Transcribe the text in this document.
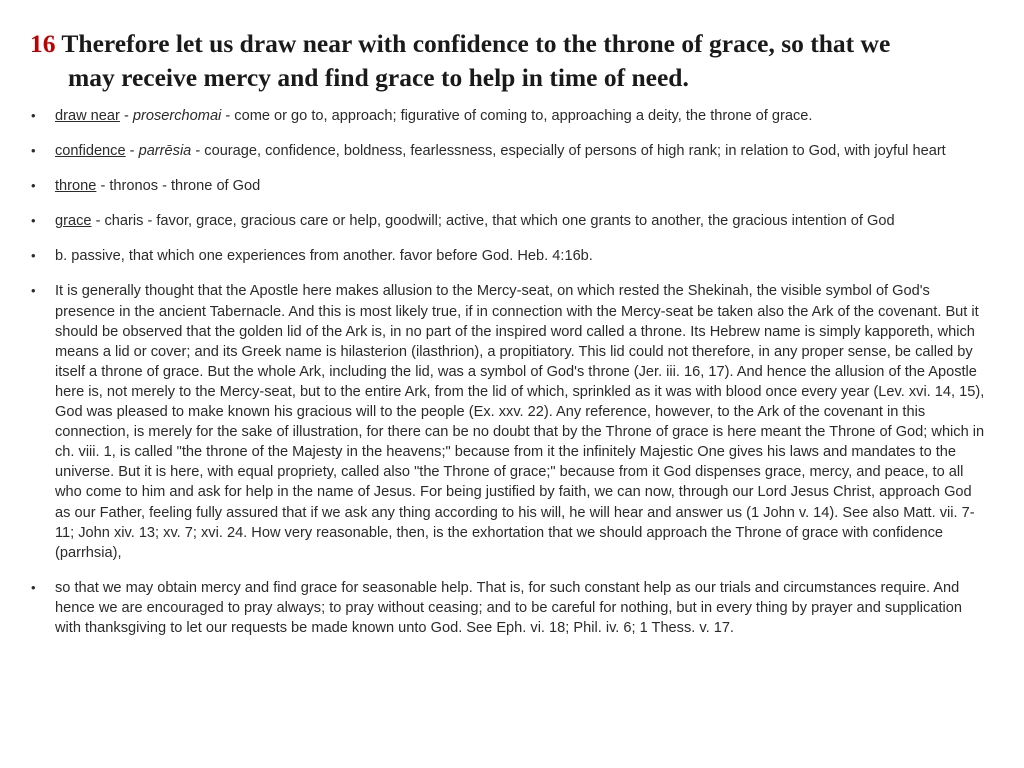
16 Therefore let us draw near with confidence to the throne of grace, so that we
may receive mercy and find grace to help in time of need.
• draw near - proserchomai - come or go to, approach; figurative of coming to, approaching a deity, the throne of grace.
• confidence - parrēsia - courage, confidence, boldness, fearlessness, especially of persons of high rank; in relation to God, with joyful heart
• throne - thronos - throne of God
• grace - charis - favor, grace, gracious care or help, goodwill; active, that which one grants to another, the gracious intention of God
• b. passive, that which one experiences from another. favor before God. Heb. 4:16b.
• It is generally thought that the Apostle here makes allusion to the Mercy-seat, on which rested the Shekinah, the visible symbol of God's presence in the ancient Tabernacle. And this is most likely true, if in connection with the Mercy-seat be taken also the Ark of the covenant. But it should be observed that the golden lid of the Ark is, in no part of the inspired word called a throne. Its Hebrew name is simply kapporeth, which means a lid or cover; and its Greek name is hilasterion (ilasthrion), a propitiatory. This lid could not therefore, in any proper sense, be called by itself a throne of grace. But the whole Ark, including the lid, was a symbol of God's throne (Jer. iii. 16, 17). And hence the allusion of the Apostle here is, not merely to the Mercy-seat, but to the entire Ark, from the lid of which, sprinkled as it was with blood once every year (Lev. xvi. 14, 15), God was pleased to make known his gracious will to the people (Ex. xxv. 22). Any reference, however, to the Ark of the covenant in this connection, is merely for the sake of illustration, for there can be no doubt that by the Throne of grace is here meant the Throne of God; which in ch. viii. 1, is called "the throne of the Majesty in the heavens;" because from it the infinitely Majestic One gives his laws and mandates to the universe. But it is here, with equal propriety, called also "the Throne of grace;" because from it God dispenses grace, mercy, and peace, to all who come to him and ask for help in the name of Jesus. For being justified by faith, we can now, through our Lord Jesus Christ, approach God as our Father, feeling fully assured that if we ask any thing according to his will, he will hear and answer us (1 John v. 14). See also Matt. vii. 7-11; John xiv. 13; xv. 7; xvi. 24. How very reasonable, then, is the exhortation that we should approach the Throne of grace with confidence (parrhsia),
• so that we may obtain mercy and find grace for seasonable help. That is, for such constant help as our trials and circumstances require. And hence we are encouraged to pray always; to pray without ceasing; and to be careful for nothing, but in every thing by prayer and supplication with thanksgiving to let our requests be made known unto God. See Eph. vi. 18; Phil. iv. 6; 1 Thess. v. 17.
